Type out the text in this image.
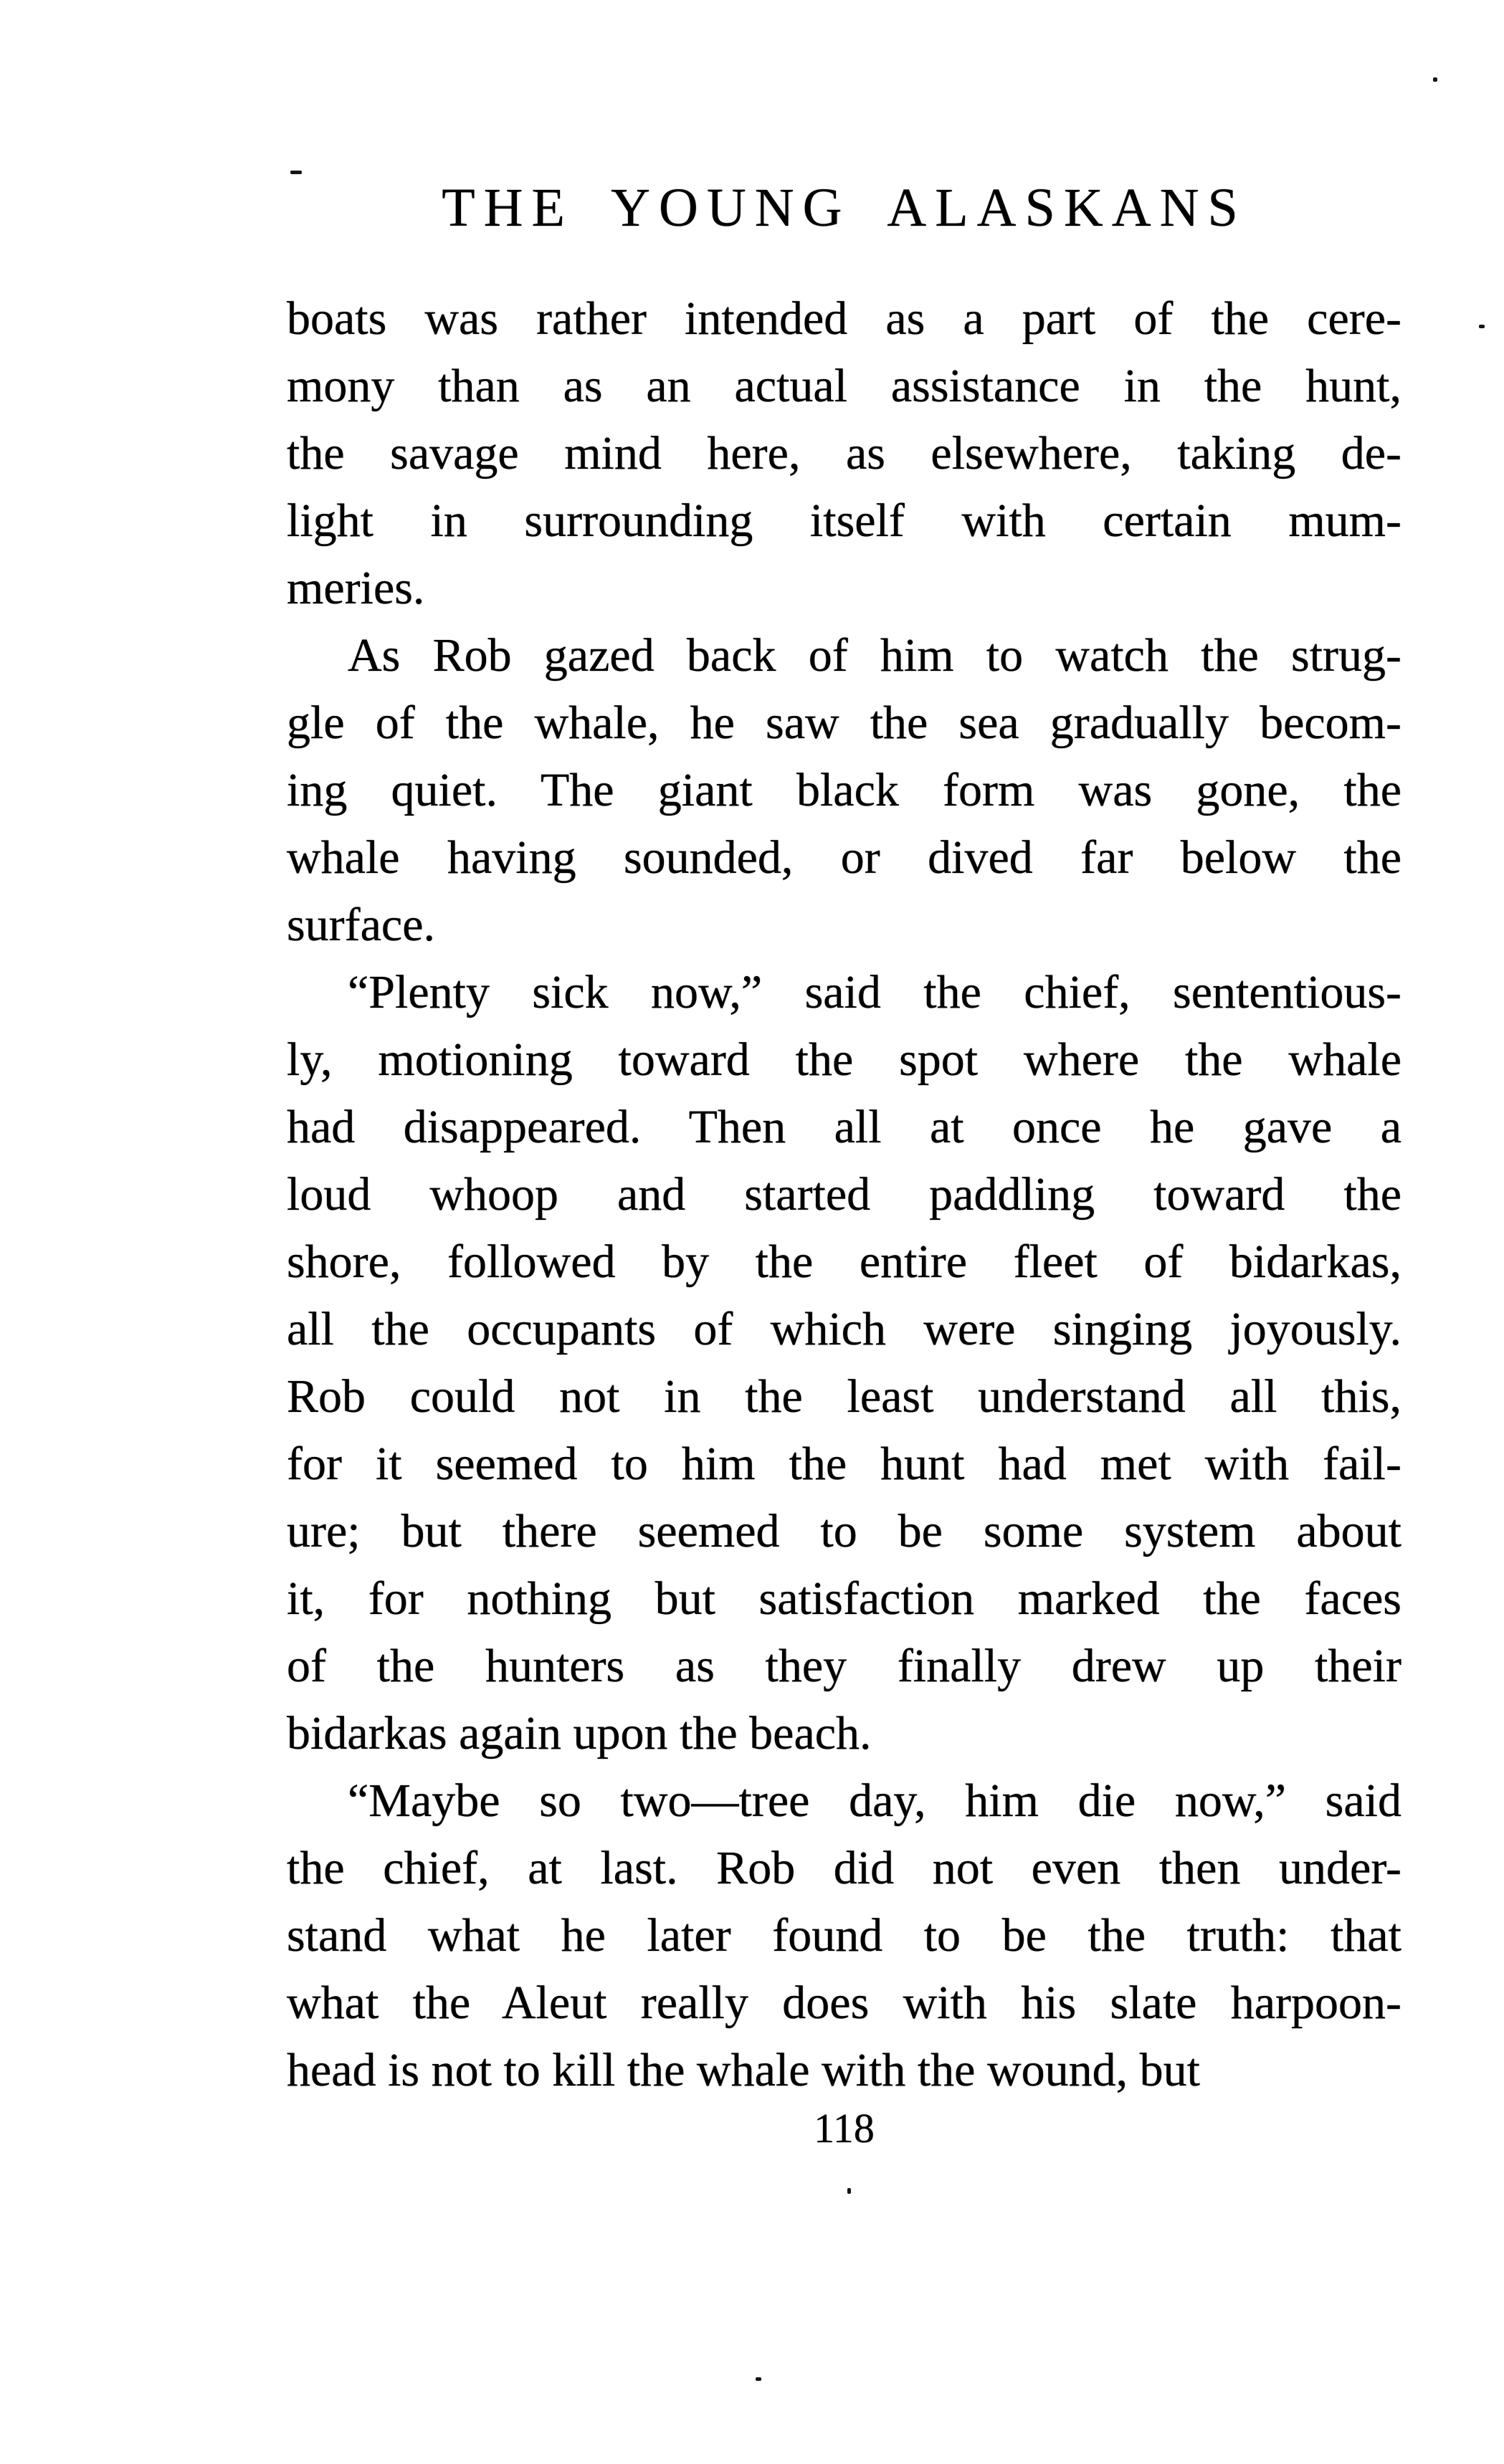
THE YOUNG ALASKANS
boats was rather intended as a part of the cere-
mony than as an actual assistance in the hunt,
the savage mind here, as elsewhere, taking de-
light in surrounding itself with certain mum-
meries.
As Rob gazed back of him to watch the strug-
gle of the whale, he saw the sea gradually becom-
ing quiet. The giant black form was gone, the
whale having sounded, or dived far below the
surface.
“Plenty sick now,” said the chief, sententious-
ly, motioning toward the spot where the whale
had disappeared. Then all at once he gave a
loud whoop and started paddling toward the
shore, followed by the entire fleet of bidarkas,
all the occupants of which were singing joyously.
Rob could not in the least understand all this,
for it seemed to him the hunt had met with fail-
ure; but there seemed to be some system about
it, for nothing but satisfaction marked the faces
of the hunters as they finally drew up their
bidarkas again upon the beach.
“Maybe so two—tree day, him die now,” said
the chief, at last. Rob did not even then under-
stand what he later found to be the truth: that
what the Aleut really does with his slate harpoon-
head is not to kill the whale with the wound, but
118
